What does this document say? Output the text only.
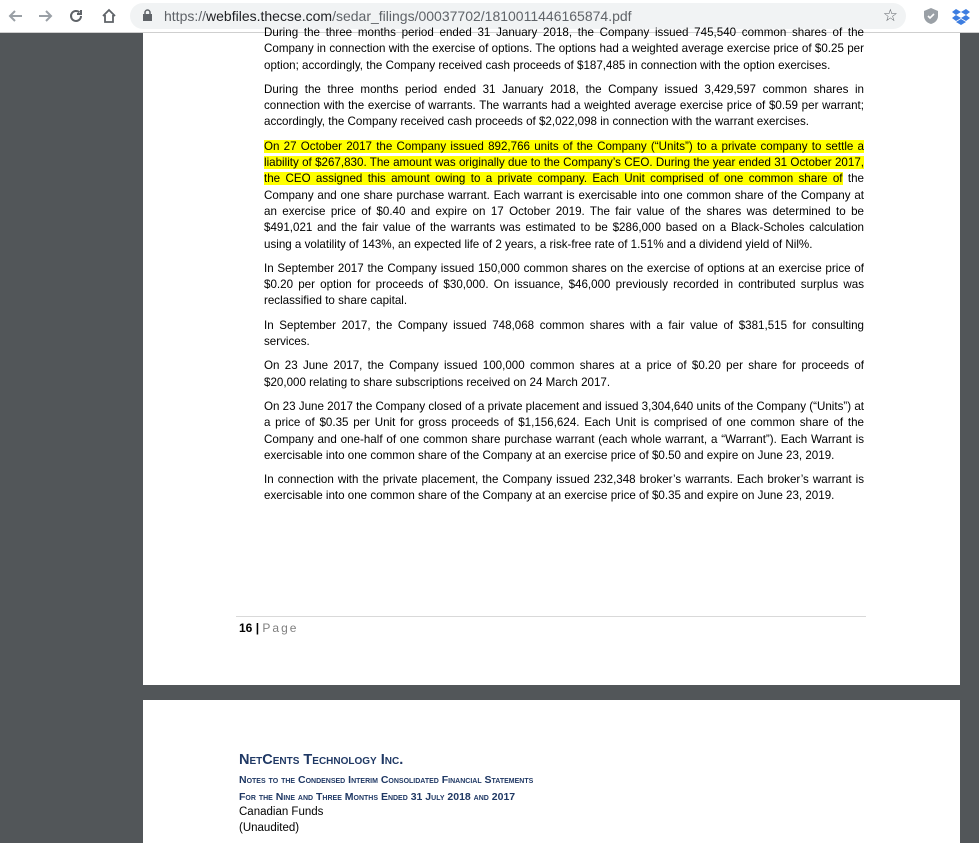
https://webfiles.thecse.com/sedar_filings/00037702/1810011446165874.pdf	☆

During the three months period ended 31 January 2018, the Company issued 745,540 common shares of the Company in connection with the exercise of options. The options had a weighted average exercise price of $0.25 per option; accordingly, the Company received cash proceeds of $187,485 in connection with the option exercises.

During the three months period ended 31 January 2018, the Company issued 3,429,597 common shares in connection with the exercise of warrants. The warrants had a weighted average exercise price of $0.59 per warrant; accordingly, the Company received cash proceeds of $2,022,098 in connection with the warrant exercises.

On 27 October 2017 the Company issued 892,766 units of the Company (“Units”) to a private company to settle a liability of $267,830. The amount was originally due to the Company’s CEO. During the year ended 31 October 2017, the CEO assigned this amount owing to a private company. Each Unit comprised of one common share of the Company and one share purchase warrant. Each warrant is exercisable into one common share of the Company at an exercise price of $0.40 and expire on 17 October 2019. The fair value of the shares was determined to be $491,021 and the fair value of the warrants was estimated to be $286,000 based on a Black-Scholes calculation using a volatility of 143%, an expected life of 2 years, a risk-free rate of 1.51% and a dividend yield of Nil%.

In September 2017 the Company issued 150,000 common shares on the exercise of options at an exercise price of $0.20 per option for proceeds of $30,000. On issuance, $46,000 previously recorded in contributed surplus was reclassified to share capital.

In September 2017, the Company issued 748,068 common shares with a fair value of $381,515 for consulting services.

On 23 June 2017, the Company issued 100,000 common shares at a price of $0.20 per share for proceeds of $20,000 relating to share subscriptions received on 24 March 2017.

On 23 June 2017 the Company closed of a private placement and issued 3,304,640 units of the Company (“Units”) at a price of $0.35 per Unit for gross proceeds of $1,156,624. Each Unit is comprised of one common share of the Company and one-half of one common share purchase warrant (each whole warrant, a “Warrant”). Each Warrant is exercisable into one common share of the Company at an exercise price of $0.50 and expire on June 23, 2019.

In connection with the private placement, the Company issued 232,348 broker’s warrants. Each broker’s warrant is exercisable into one common share of the Company at an exercise price of $0.35 and expire on June 23, 2019.

16 | Page
NetCents Technology Inc.
Notes to the Condensed Interim Consolidated Financial Statements
For the Nine and Three Months Ended 31 July 2018 and 2017
Canadian Funds
(Unaudited)
